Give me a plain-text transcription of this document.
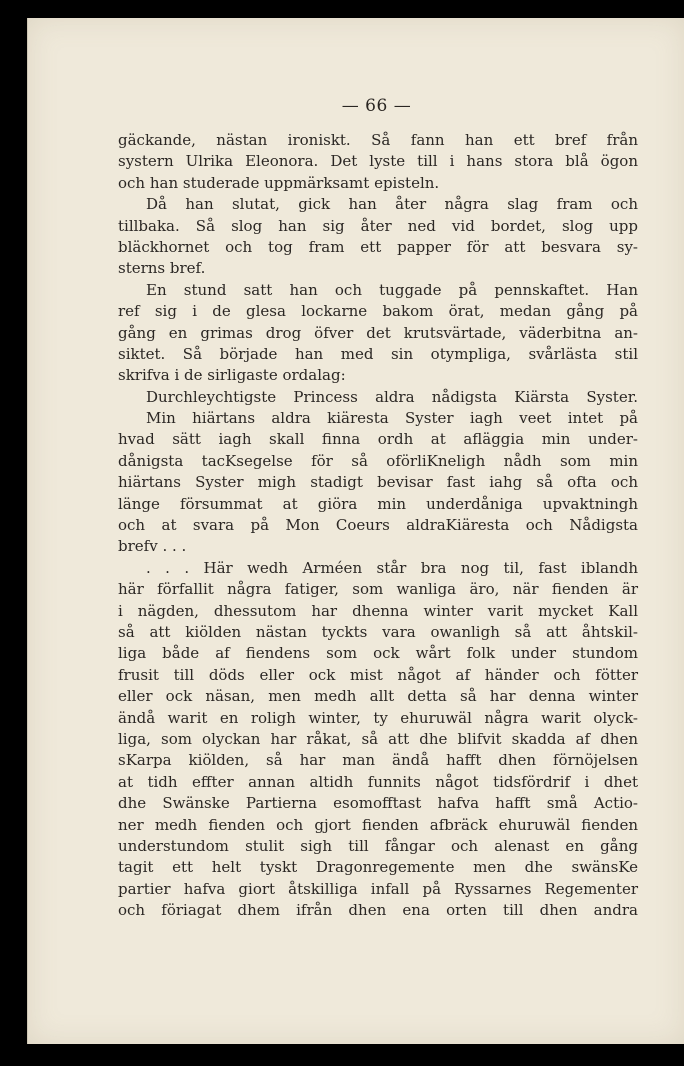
— 66 —
gäckande, nästan ironiskt. Så fann han ett bref från
systern Ulrika Eleonora. Det lyste till i hans stora blå ögon
och han studerade uppmärksamt episteln.
Då han slutat, gick han åter några slag fram och
tillbaka. Så slog han sig åter ned vid bordet, slog upp
bläckhornet och tog fram ett papper för att besvara sy-
sterns bref.
En stund satt han och tuggade på pennskaftet. Han
ref sig i de glesa lockarne bakom örat, medan gång på
gång en grimas drog öfver det krutsvärtade, väderbitna an-
siktet. Så började han med sin otympliga, svårlästa stil
skrifva i de sirligaste ordalag:
Durchleychtigste Princess aldra nådigsta Kiärsta Syster.
Min hiärtans aldra kiäresta Syster iagh veet intet på
hvad sätt iagh skall finna ordh at afläggia min under-
dånigsta tacKsegelse för så oförliKneligh nådh som min
hiärtans Syster migh stadigt bevisar fast iahg så ofta och
länge försummat at giöra min underdåniga upvaktningh
och at svara på Mon Coeurs aldraKiäresta och Nådigsta
brefv . . .
. . . Här wedh Arméen står bra nog til, fast iblandh
här förfallit några fatiger, som wanliga äro, när fienden är
i nägden, dhessutom har dhenna winter varit mycket Kall
så att kiölden nästan tyckts vara owanligh så att åhtskil-
liga både af fiendens som ock wårt folk under stundom
frusit till döds eller ock mist något af händer och fötter
eller ock näsan, men medh allt detta så har denna winter
ändå warit en roligh winter, ty ehuruwäl några warit olyck-
liga, som olyckan har råkat, så att dhe blifvit skadda af dhen
sKarpa kiölden, så har man ändå hafft dhen förnöjelsen
at tidh effter annan altidh funnits något tidsfördrif i dhet
dhe Swänske Partierna esomofftast hafva hafft små Actio-
ner medh fienden och gjort fienden afbräck ehuruwäl fienden
understundom stulit sigh till fångar och alenast en gång
tagit ett helt tyskt Dragonregemente men dhe swänsKe
partier hafva giort åtskilliga infall på Ryssarnes Regementer
och föriagat dhem ifrån dhen ena orten till dhen andra
